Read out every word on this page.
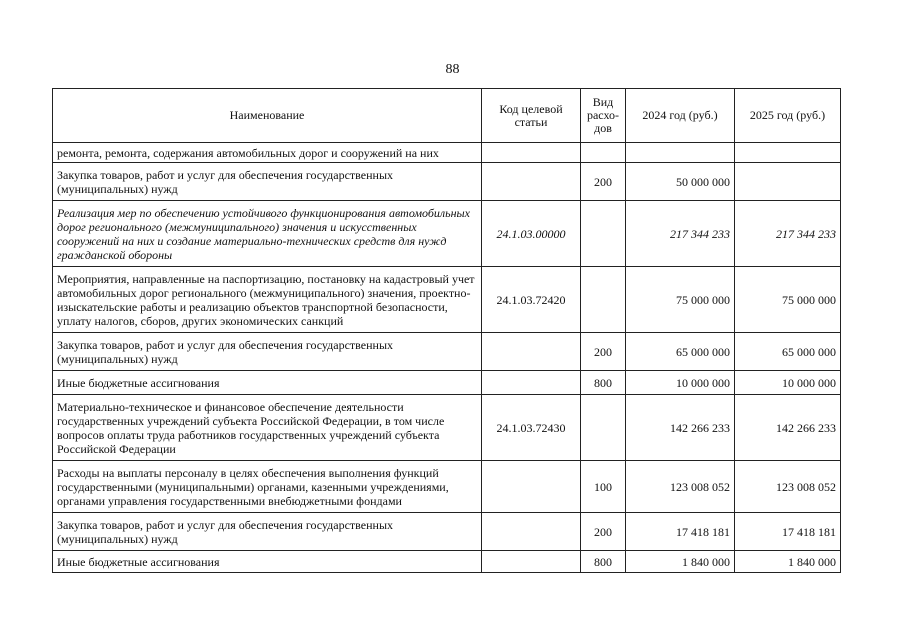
88
Наименование	Код целевой статьи	Вид расхо-дов	2024 год (руб.)	2025 год (руб.)
ремонта, ремонта, содержания автомобильных дорог и сооружений на них				
Закупка товаров, работ и услуг для обеспечения государственных (муниципальных) нужд		200	50 000 000	
Реализация мер по обеспечению устойчивого функционирования автомобильных дорог регионального (межмуниципального) значения и искусственных сооружений на них и создание материально-технических средств для нужд гражданской обороны	24.1.03.00000		217 344 233	217 344 233
Мероприятия, направленные на паспортизацию, постановку на кадастровый учет автомобильных дорог регионального (межмуниципального) значения, проектно-изыскательские работы и реализацию объектов транспортной безопасности, уплату налогов, сборов, других экономических санкций	24.1.03.72420		75 000 000	75 000 000
Закупка товаров, работ и услуг для обеспечения государственных (муниципальных) нужд		200	65 000 000	65 000 000
Иные бюджетные ассигнования		800	10 000 000	10 000 000
Материально-техническое и финансовое обеспечение деятельности государственных учреждений субъекта Российской Федерации, в том числе вопросов оплаты труда работников государственных учреждений субъекта Российской Федерации	24.1.03.72430		142 266 233	142 266 233
Расходы на выплаты персоналу в целях обеспечения выполнения функций государственными (муниципальными) органами, казенными учреждениями, органами управления государственными внебюджетными фондами		100	123 008 052	123 008 052
Закупка товаров, работ и услуг для обеспечения государственных (муниципальных) нужд		200	17 418 181	17 418 181
Иные бюджетные ассигнования		800	1 840 000	1 840 000
